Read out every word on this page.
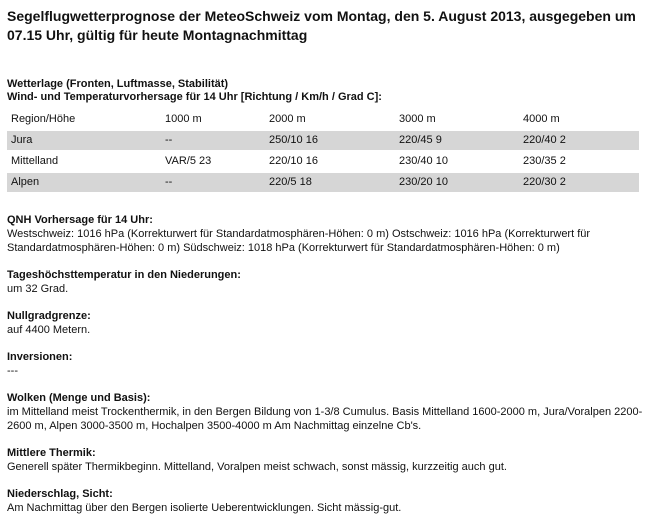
Segelflugwetterprognose der MeteoSchweiz vom Montag, den 5. August 2013, ausgegeben um 07.15 Uhr, gültig für heute Montagnachmittag
Wetterlage (Fronten, Luftmasse, Stabilität)
Wind- und Temperaturvorhersage für 14 Uhr [Richtung / Km/h / Grad C]:
Region/Höhe	1000 m	2000 m	3000 m	4000 m
Jura	--	250/10 16	220/45 9	220/40 2
Mittelland	VAR/5 23	220/10 16	230/40 10	230/35 2
Alpen	--	220/5 18	230/20 10	220/30 2
QNH Vorhersage für 14 Uhr:
Westschweiz: 1016 hPa (Korrekturwert für Standardatmosphären-Höhen: 0 m) Ostschweiz: 1016 hPa (Korrekturwert für Standardatmosphären-Höhen: 0 m) Südschweiz: 1018 hPa (Korrekturwert für Standardatmosphären-Höhen: 0 m)
Tageshöchsttemperatur in den Niederungen:
um 32 Grad.
Nullgradgrenze:
auf 4400 Metern.
Inversionen:
---
Wolken (Menge und Basis):
im Mittelland meist Trockenthermik, in den Bergen Bildung von 1-3/8 Cumulus. Basis Mittelland 1600-2000 m, Jura/Voralpen 2200-2600 m, Alpen 3000-3500 m, Hochalpen 3500-4000 m Am Nachmittag einzelne Cb's.
Mittlere Thermik:
Generell später Thermikbeginn. Mittelland, Voralpen meist schwach, sonst mässig, kurzzeitig auch gut.
Niederschlag, Sicht:
Am Nachmittag über den Bergen isolierte Ueberentwicklungen. Sicht mässig-gut.
